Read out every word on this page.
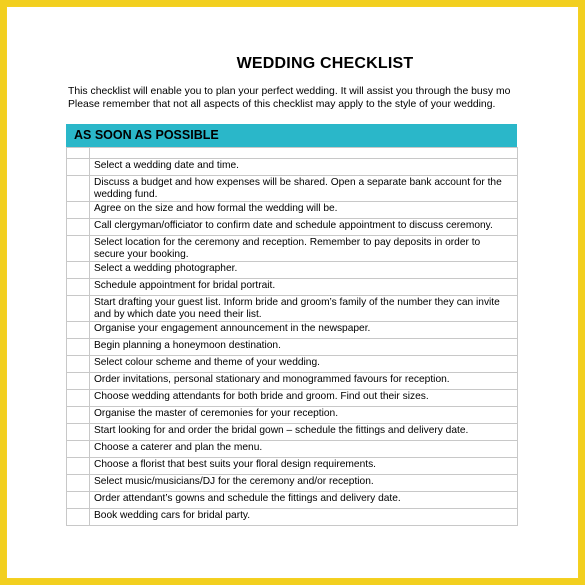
WEDDING CHECKLIST
This checklist will enable you to plan your perfect wedding. It will assist you through the busy mo
Please remember that not all aspects of this checklist may apply to the style of your wedding.
AS SOON AS POSSIBLE

	Select a wedding date and time.
	Discuss a budget and how expenses will be shared. Open a separate bank account for the wedding fund.
	Agree on the size and how formal the wedding will be.
	Call clergyman/officiator to confirm date and schedule appointment to discuss ceremony.
	Select location for the ceremony and reception. Remember to pay deposits in order to secure your booking.
	Select a wedding photographer.
	Schedule appointment for bridal portrait.
	Start drafting your guest list. Inform bride and groom’s family of the number they can invite and by which date you need their list.
	Organise your engagement announcement in the newspaper.
	Begin planning a honeymoon destination.
	Select colour scheme and theme of your wedding.
	Order invitations, personal stationary and monogrammed favours for reception.
	Choose wedding attendants for both bride and groom. Find out their sizes.
	Organise the master of ceremonies for your reception.
	Start looking for and order the bridal gown – schedule the fittings and delivery date.
	Choose a caterer and plan the menu.
	Choose a florist that best suits your floral design requirements.
	Select music/musicians/DJ for the ceremony and/or reception.
	Order attendant’s gowns and schedule the fittings and delivery date.
	Book wedding cars for bridal party.
